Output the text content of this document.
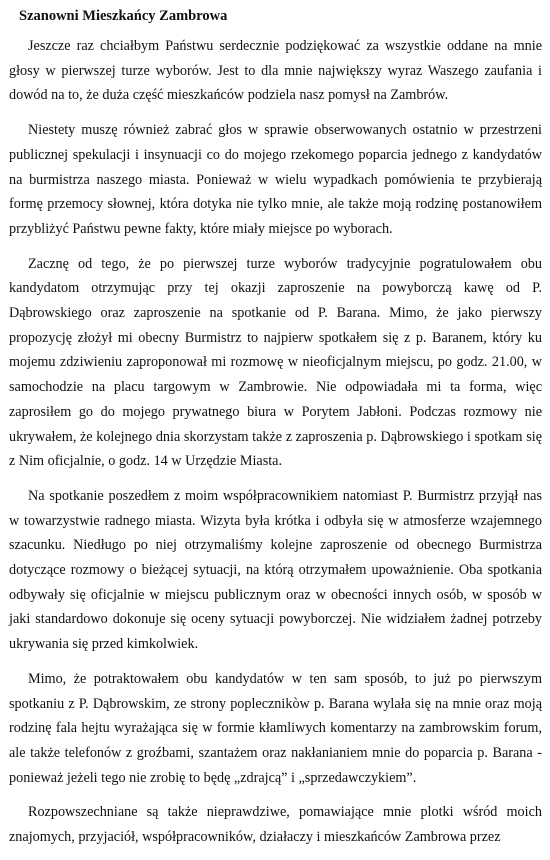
Szanowni Mieszkańcy Zambrowa

Jeszcze raz chciałbym Państwu serdecznie podziękować za wszystkie oddane na mnie głosy w pierwszej turze wyborów. Jest to dla mnie największy wyraz Waszego zaufania i dowód na to, że duża część mieszkańców podziela nasz pomysł na Zambrów.

Niestety muszę również zabrać głos w sprawie obserwowanych ostatnio w przestrzeni publicznej spekulacji i insynuacji co do mojego rzekomego poparcia jednego z kandydatów na burmistrza naszego miasta. Ponieważ w wielu wypadkach pomówienia te przybierają formę przemocy słownej, która dotyka nie tylko mnie, ale także moją rodzinę postanowiłem przybliżyć Państwu pewne fakty, które miały miejsce po wyborach.

Zacznę od tego, że po pierwszej turze wyborów tradycyjnie pogratulowałem obu kandydatom otrzymując przy tej okazji zaproszenie na powyborczą kawę od P. Dąbrowskiego oraz zaproszenie na spotkanie od P. Barana. Mimo, że jako pierwszy propozycję złożył mi obecny Burmistrz to najpierw spotkałem się z p. Baranem, który ku mojemu zdziwieniu zaproponował mi rozmowę w nieoficjalnym miejscu, po godz. 21.00, w samochodzie na placu targowym w Zambrowie. Nie odpowiadała mi ta forma, więc zaprosiłem go do mojego prywatnego biura w Porytem Jabłoni. Podczas rozmowy nie ukrywałem, że kolejnego dnia skorzystam także z zaproszenia p. Dąbrowskiego i spotkam się z Nim oficjalnie, o godz. 14 w Urzędzie Miasta.

Na spotkanie poszedłem z moim współpracownikiem natomiast P. Burmistrz przyjął nas w towarzystwie radnego miasta. Wizyta była krótka i odbyła się w atmosferze wzajemnego szacunku. Niedługo po niej otrzymaliśmy kolejne zaproszenie od obecnego Burmistrza dotyczące rozmowy o bieżącej sytuacji, na którą otrzymałem upoważnienie. Oba spotkania odbywały się oficjalnie w miejscu publicznym oraz w obecności innych osób, w sposób w jaki standardowo dokonuje się oceny sytuacji powyborczej. Nie widziałem żadnej potrzeby ukrywania się przed kimkolwiek.

Mimo, że potraktowałem obu kandydatów w ten sam sposób, to już po pierwszym spotkaniu z P. Dąbrowskim, ze strony poplecznikòw p. Barana wylała się na mnie oraz moją rodzinę fala hejtu wyrażająca się w formie kłamliwych komentarzy na zambrowskim forum, ale także telefonów z groźbami, szantażem oraz nakłanianiem mnie do poparcia p. Barana - ponieważ jeżeli tego nie zrobię to będę „zdrajcą” i „sprzedawczykiem”.

Rozpowszechniane są także nieprawdziwe, pomawiające mnie plotki wśród moich znajomych, przyjaciół, współpracowników, działaczy i mieszkańców Zambrowa przez
